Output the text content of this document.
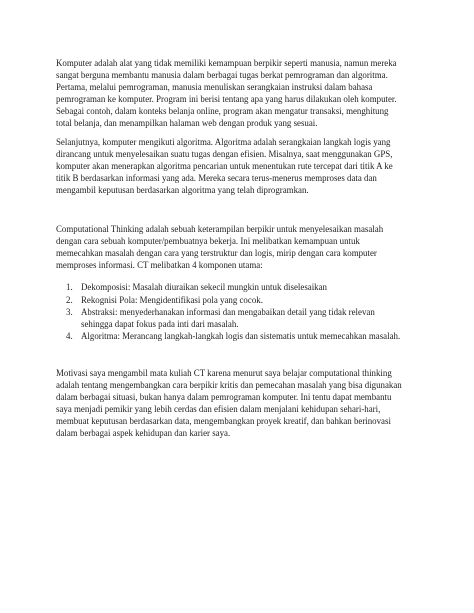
Komputer adalah alat yang tidak memiliki kemampuan berpikir seperti manusia, namun mereka
sangat berguna membantu manusia dalam berbagai tugas berkat pemrograman dan algoritma.
Pertama, melalui pemrograman, manusia menuliskan serangkaian instruksi dalam bahasa
pemrograman ke komputer. Program ini berisi tentang apa yang harus dilakukan oleh komputer.
Sebagai contoh, dalam konteks belanja online, program akan mengatur transaksi, menghitung
total belanja, dan menampilkan halaman web dengan produk yang sesuai.

Selanjutnya, komputer mengikuti algoritma. Algoritma adalah serangkaian langkah logis yang
dirancang untuk menyelesaikan suatu tugas dengan efisien. Misalnya, saat menggunakan GPS,
komputer akan menerapkan algoritma pencarian untuk menentukan rute tercepat dari titik A ke
titik B berdasarkan informasi yang ada. Mereka secara terus-menerus memproses data dan
mengambil keputusan berdasarkan algoritma yang telah diprogramkan.

Computational Thinking adalah sebuah keterampilan berpikir untuk menyelesaikan masalah
dengan cara sebuah komputer/pembuatnya bekerja. Ini melibatkan kemampuan untuk
memecahkan masalah dengan cara yang terstruktur dan logis, mirip dengan cara komputer
memproses informasi. CT melibatkan 4 komponen utama:

1. Dekomposisi: Masalah diuraikan sekecil mungkin untuk diselesaikan
2. Rekognisi Pola: Mengidentifikasi pola yang cocok.
3. Abstraksi: menyederhanakan informasi dan mengabaikan detail yang tidak relevan
sehingga dapat fokus pada inti dari masalah.
4. Algoritma: Merancang langkah-langkah logis dan sistematis untuk memecahkan masalah.

Motivasi saya mengambil mata kuliah CT karena menurut saya belajar computational thinking
adalah tentang mengembangkan cara berpikir kritis dan pemecahan masalah yang bisa digunakan
dalam berbagai situasi, bukan hanya dalam pemrograman komputer. Ini tentu dapat membantu
saya menjadi pemikir yang lebih cerdas dan efisien dalam menjalani kehidupan sehari-hari,
membuat keputusan berdasarkan data, mengembangkan proyek kreatif, dan bahkan berinovasi
dalam berbagai aspek kehidupan dan karier saya.
